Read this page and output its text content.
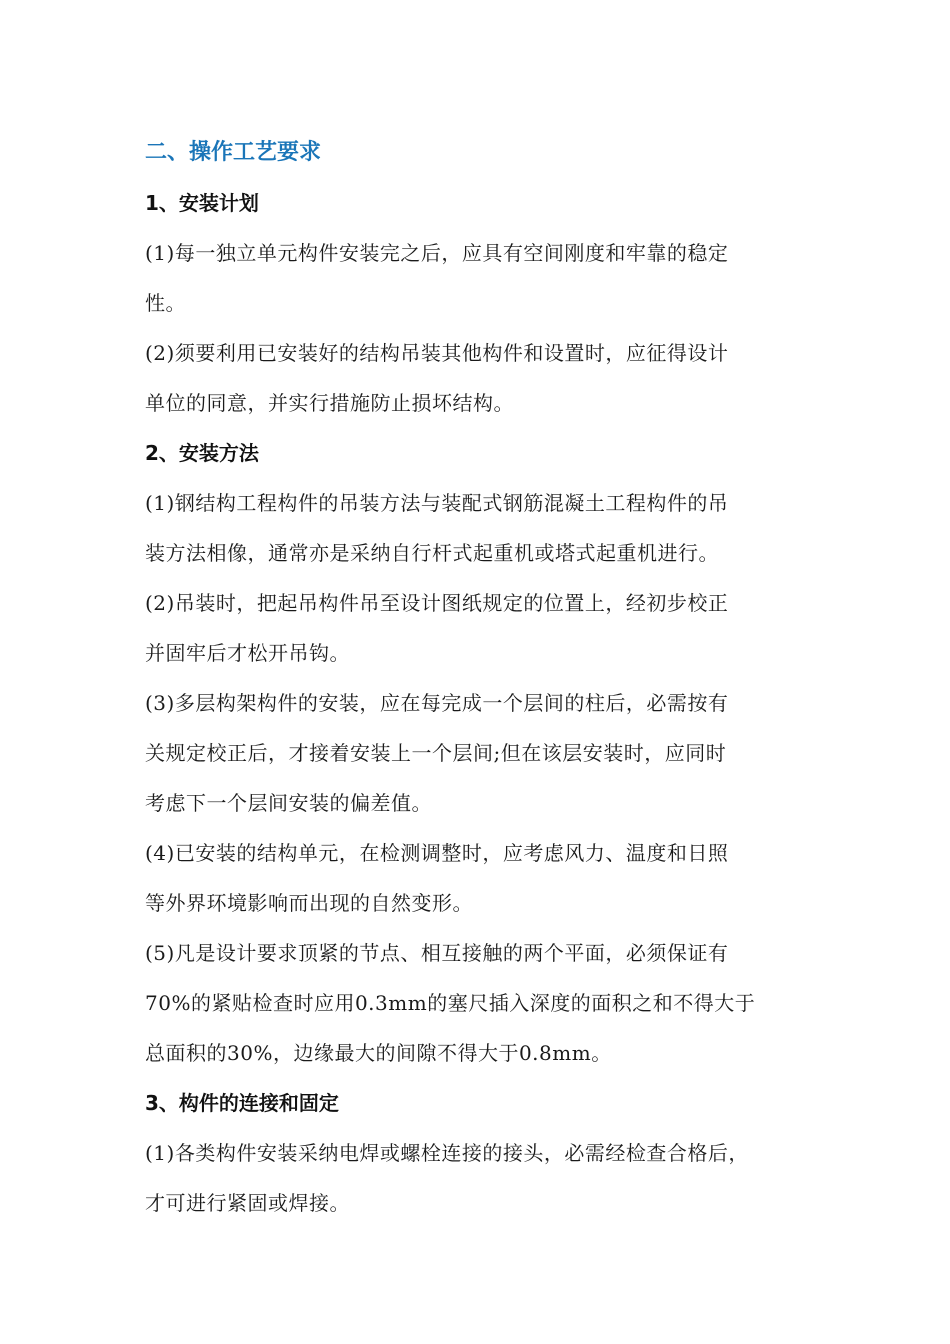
二、操作工艺要求
1、安装计划

(1)每一独立单元构件安装完之后，应具有空间刚度和牢靠的稳定
性。

(2)须要利用已安装好的结构吊装其他构件和设置时，应征得设计
单位的同意，并实行措施防止损坏结构。

2、安装方法

(1)钢结构工程构件的吊装方法与装配式钢筋混凝土工程构件的吊
装方法相像，通常亦是采纳自行杆式起重机或塔式起重机进行。

(2)吊装时，把起吊构件吊至设计图纸规定的位置上，经初步校正
并固牢后才松开吊钩。

(3)多层构架构件的安装，应在每完成一个层间的柱后，必需按有
关规定校正后，才接着安装上一个层间;但在该层安装时，应同时
考虑下一个层间安装的偏差值。

(4)已安装的结构单元，在检测调整时，应考虑风力、温度和日照
等外界环境影响而出现的自然变形。

(5)凡是设计要求顶紧的节点、相互接触的两个平面，必须保证有
70%的紧贴检查时应用0.3mm的塞尺插入深度的面积之和不得大于
总面积的30%，边缘最大的间隙不得大于0.8mm。

3、构件的连接和固定

(1)各类构件安装采纳电焊或螺栓连接的接头，必需经检查合格后，
才可进行紧固或焊接。
